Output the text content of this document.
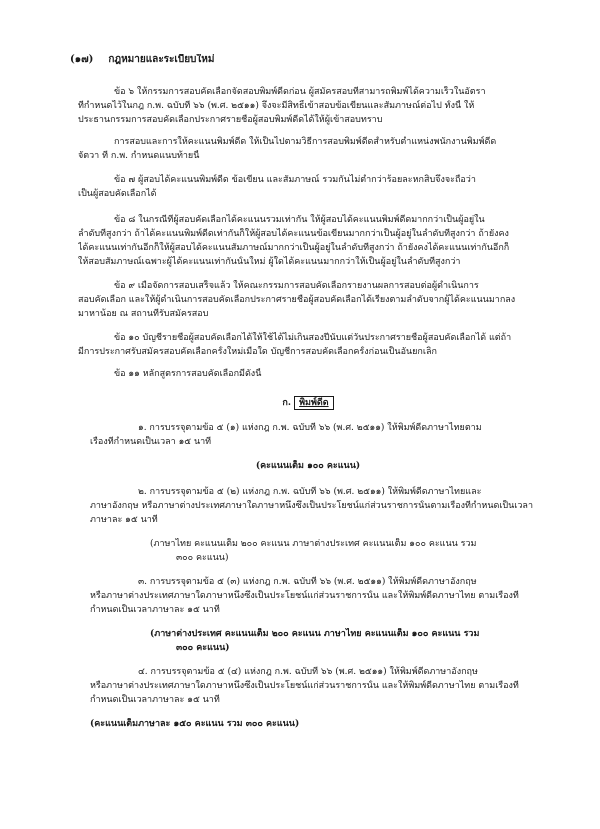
(๑๗) กฎหมายและระเบียบใหม่
ข้อ ๖ ให้กรรมการสอบคัดเลือกจัดสอบพิมพ์ดีดก่อน ผู้สมัครสอบที่สามารถพิมพ์ได้ความเร็วในอัตรา
ที่กำหนดไว้ในกฎ ก.พ. ฉบับที่ ๖๖ (พ.ศ. ๒๕๑๑) จึงจะมีสิทธิ์เข้าสอบข้อเขียนและสัมภาษณ์ต่อไป ทั้งนี้ ให้
ประธานกรรมการสอบคัดเลือกประกาศรายชื่อผู้สอบพิมพ์ดีดได้ให้ผู้เข้าสอบทราบ
การสอบและการให้คะแนนพิมพ์ดีด ให้เป็นไปตามวิธีการสอบพิมพ์ดีดสำหรับตำแหน่งพนักงานพิมพ์ดีด
จัตวา ที่ ก.พ. กำหนดแนบท้ายนี้
ข้อ ๗ ผู้สอบได้คะแนนพิมพ์ดีด ข้อเขียน และสัมภาษณ์ รวมกันไม่ต่ำกว่าร้อยละหกสิบจึงจะถือว่า
เป็นผู้สอบคัดเลือกได้
ข้อ ๘ ในกรณีที่ผู้สอบคัดเลือกได้คะแนนรวมเท่ากัน ให้ผู้สอบได้คะแนนพิมพ์ดีดมากกว่าเป็นผู้อยู่ใน
ลำดับที่สูงกว่า ถ้าได้คะแนนพิมพ์ดีดเท่ากันก็ให้ผู้สอบได้คะแนนข้อเขียนมากกว่าเป็นผู้อยู่ในลำดับที่สูงกว่า ถ้ายังคง
ได้คะแนนเท่ากันอีกก็ให้ผู้สอบได้คะแนนสัมภาษณ์มากกว่าเป็นผู้อยู่ในลำดับที่สูงกว่า ถ้ายังคงได้คะแนนเท่ากันอีกก็
ให้สอบสัมภาษณ์เฉพาะผู้ได้คะแนนเท่ากันนั้นใหม่ ผู้ใดได้คะแนนมากกว่าให้เป็นผู้อยู่ในลำดับที่สูงกว่า
ข้อ ๙ เมื่อจัดการสอบเสร็จแล้ว ให้คณะกรรมการสอบคัดเลือกรายงานผลการสอบต่อผู้ดำเนินการ
สอบคัดเลือก และให้ผู้ดำเนินการสอบคัดเลือกประกาศรายชื่อผู้สอบคัดเลือกได้เรียงตามลำดับจากผู้ได้คะแนนมากลง
มาหาน้อย ณ สถานที่รับสมัครสอบ
ข้อ ๑๐ บัญชีรายชื่อผู้สอบคัดเลือกได้ให้ใช้ได้ไม่เกินสองปีนับแต่วันประกาศรายชื่อผู้สอบคัดเลือกได้ แต่ถ้า
มีการประกาศรับสมัครสอบคัดเลือกครั้งใหม่เมื่อใด บัญชีการสอบคัดเลือกครั้งก่อนเป็นอันยกเลิก
ข้อ ๑๑ หลักสูตรการสอบคัดเลือกมีดังนี้
ก. พิมพ์ดีด
๑. การบรรจุตามข้อ ๕ (๑) แห่งกฎ ก.พ. ฉบับที่ ๖๖ (พ.ศ. ๒๕๑๑) ให้พิมพ์ดีดภาษาไทยตาม
เรื่องที่กำหนดเป็นเวลา ๑๕ นาที
(คะแนนเต็ม ๑๐๐ คะแนน)
๒. การบรรจุตามข้อ ๕ (๒) แห่งกฎ ก.พ. ฉบับที่ ๖๖ (พ.ศ. ๒๕๑๑) ให้พิมพ์ดีดภาษาไทยและ
ภาษาอังกฤษ หรือภาษาต่างประเทศภาษาใดภาษาหนึ่งซึ่งเป็นประโยชน์แก่ส่วนราชการนั้นตามเรื่องที่กำหนดเป็นเวลา
ภาษาละ ๑๕ นาที
(ภาษาไทย คะแนนเต็ม ๒๐๐ คะแนน ภาษาต่างประเทศ คะแนนเต็ม ๑๐๐ คะแนน รวม
๓๐๐ คะแนน)
๓. การบรรจุตามข้อ ๕ (๓) แห่งกฎ ก.พ. ฉบับที่ ๖๖ (พ.ศ. ๒๕๑๑) ให้พิมพ์ดีดภาษาอังกฤษ
หรือภาษาต่างประเทศภาษาใดภาษาหนึ่งซึ่งเป็นประโยชน์แก่ส่วนราชการนั้น และให้พิมพ์ดีดภาษาไทย ตามเรื่องที่
กำหนดเป็นเวลาภาษาละ ๑๕ นาที
(ภาษาต่างประเทศ คะแนนเต็ม ๒๐๐ คะแนน ภาษาไทย คะแนนเต็ม ๑๐๐ คะแนน รวม
๓๐๐ คะแนน)
๔. การบรรจุตามข้อ ๕ (๔) แห่งกฎ ก.พ. ฉบับที่ ๖๖ (พ.ศ. ๒๕๑๑) ให้พิมพ์ดีดภาษาอังกฤษ
หรือภาษาต่างประเทศภาษาใดภาษาหนึ่งซึ่งเป็นประโยชน์แก่ส่วนราชการนั้น และให้พิมพ์ดีดภาษาไทย ตามเรื่องที่
กำหนดเป็นเวลาภาษาละ ๑๕ นาที
(คะแนนเต็มภาษาละ ๑๕๐ คะแนน รวม ๓๐๐ คะแนน)
